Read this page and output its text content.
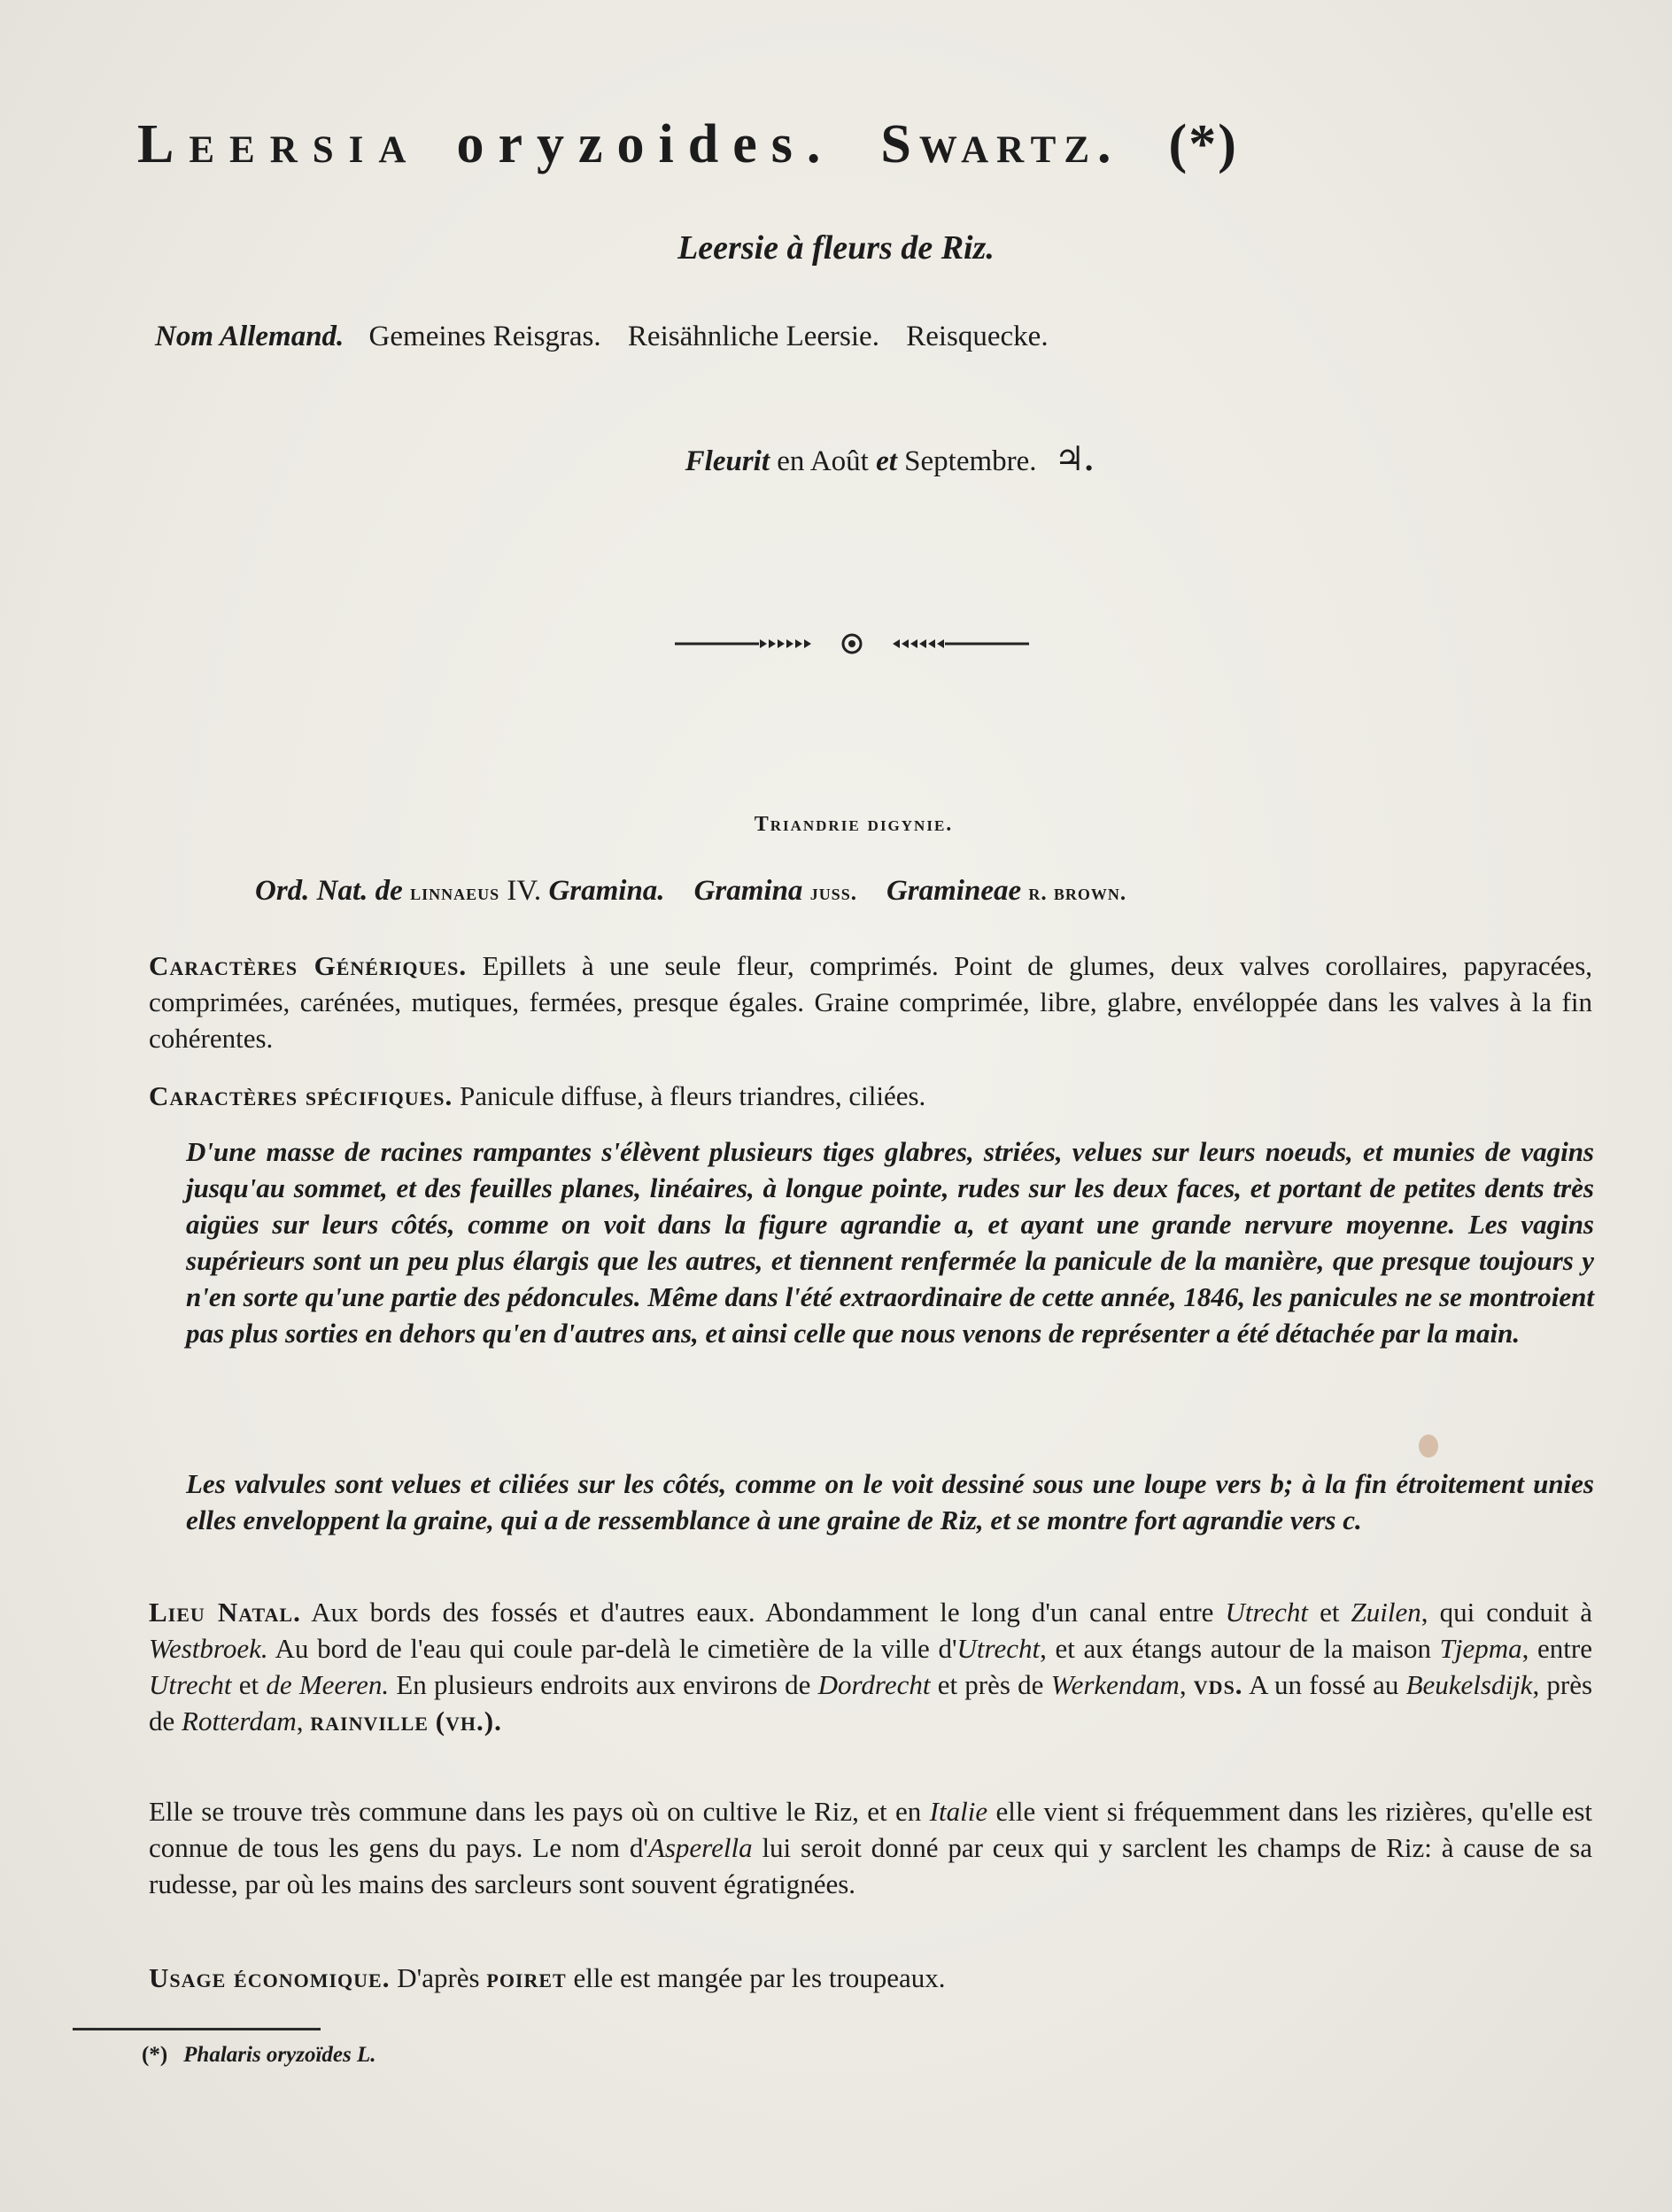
Leersia oryzoides. Swartz. (*)
Leersie à fleurs de Riz.
Nom Allemand. Gemeines Reisgras. Reisähnliche Leersie. Reisquecke.
Fleurit en Août et Septembre. ♃.
Triandrie digynie.
Ord. Nat. de linnaeus IV. Gramina. Gramina juss. Gramineae r. brown.
Caractères Génériques. Epillets à une seule fleur, comprimés. Point de glumes, deux valves corollaires, papyracées, comprimées, carénées, mutiques, fermées, presque égales. Graine comprimée, libre, glabre, envéloppée dans les valves à la fin cohérentes.
Caractères spécifiques. Panicule diffuse, à fleurs triandres, ciliées.
D'une masse de racines rampantes s'élèvent plusieurs tiges glabres, striées, velues sur leurs noeuds, et munies de vagins jusqu'au sommet, et des feuilles planes, linéaires, à longue pointe, rudes sur les deux faces, et portant de petites dents très aigües sur leurs côtés, comme on voit dans la figure agrandie a, et ayant une grande nervure moyenne. Les vagins supérieurs sont un peu plus élargis que les autres, et tiennent renfermée la panicule de la manière, que presque toujours y n'en sorte qu'une partie des pédoncules. Même dans l'été extraordinaire de cette année, 1846, les panicules ne se montroient pas plus sorties en dehors qu'en d'autres ans, et ainsi celle que nous venons de représenter a été détachée par la main.
Les valvules sont velues et ciliées sur les côtés, comme on le voit dessiné sous une loupe vers b; à la fin étroitement unies elles enveloppent la graine, qui a de ressemblance à une graine de Riz, et se montre fort agrandie vers c.
Lieu Natal. Aux bords des fossés et d'autres eaux. Abondamment le long d'un canal entre Utrecht et Zuilen, qui conduit à Westbroek. Au bord de l'eau qui coule par-delà le cimetière de la ville d'Utrecht, et aux étangs autour de la maison Tjepma, entre Utrecht et de Meeren. En plusieurs endroits aux environs de Dordrecht et près de Werkendam, vds. A un fossé au Beukelsdijk, près de Rotterdam, rainville (vh.).
Elle se trouve très commune dans les pays où on cultive le Riz, et en Italie elle vient si fréquemment dans les rizières, qu'elle est connue de tous les gens du pays. Le nom d'Asperella lui seroit donné par ceux qui y sarclent les champs de Riz: à cause de sa rudesse, par où les mains des sarcleurs sont souvent égratignées.
Usage économique. D'après poiret elle est mangée par les troupeaux.
(*) Phalaris oryzoïdes L.
